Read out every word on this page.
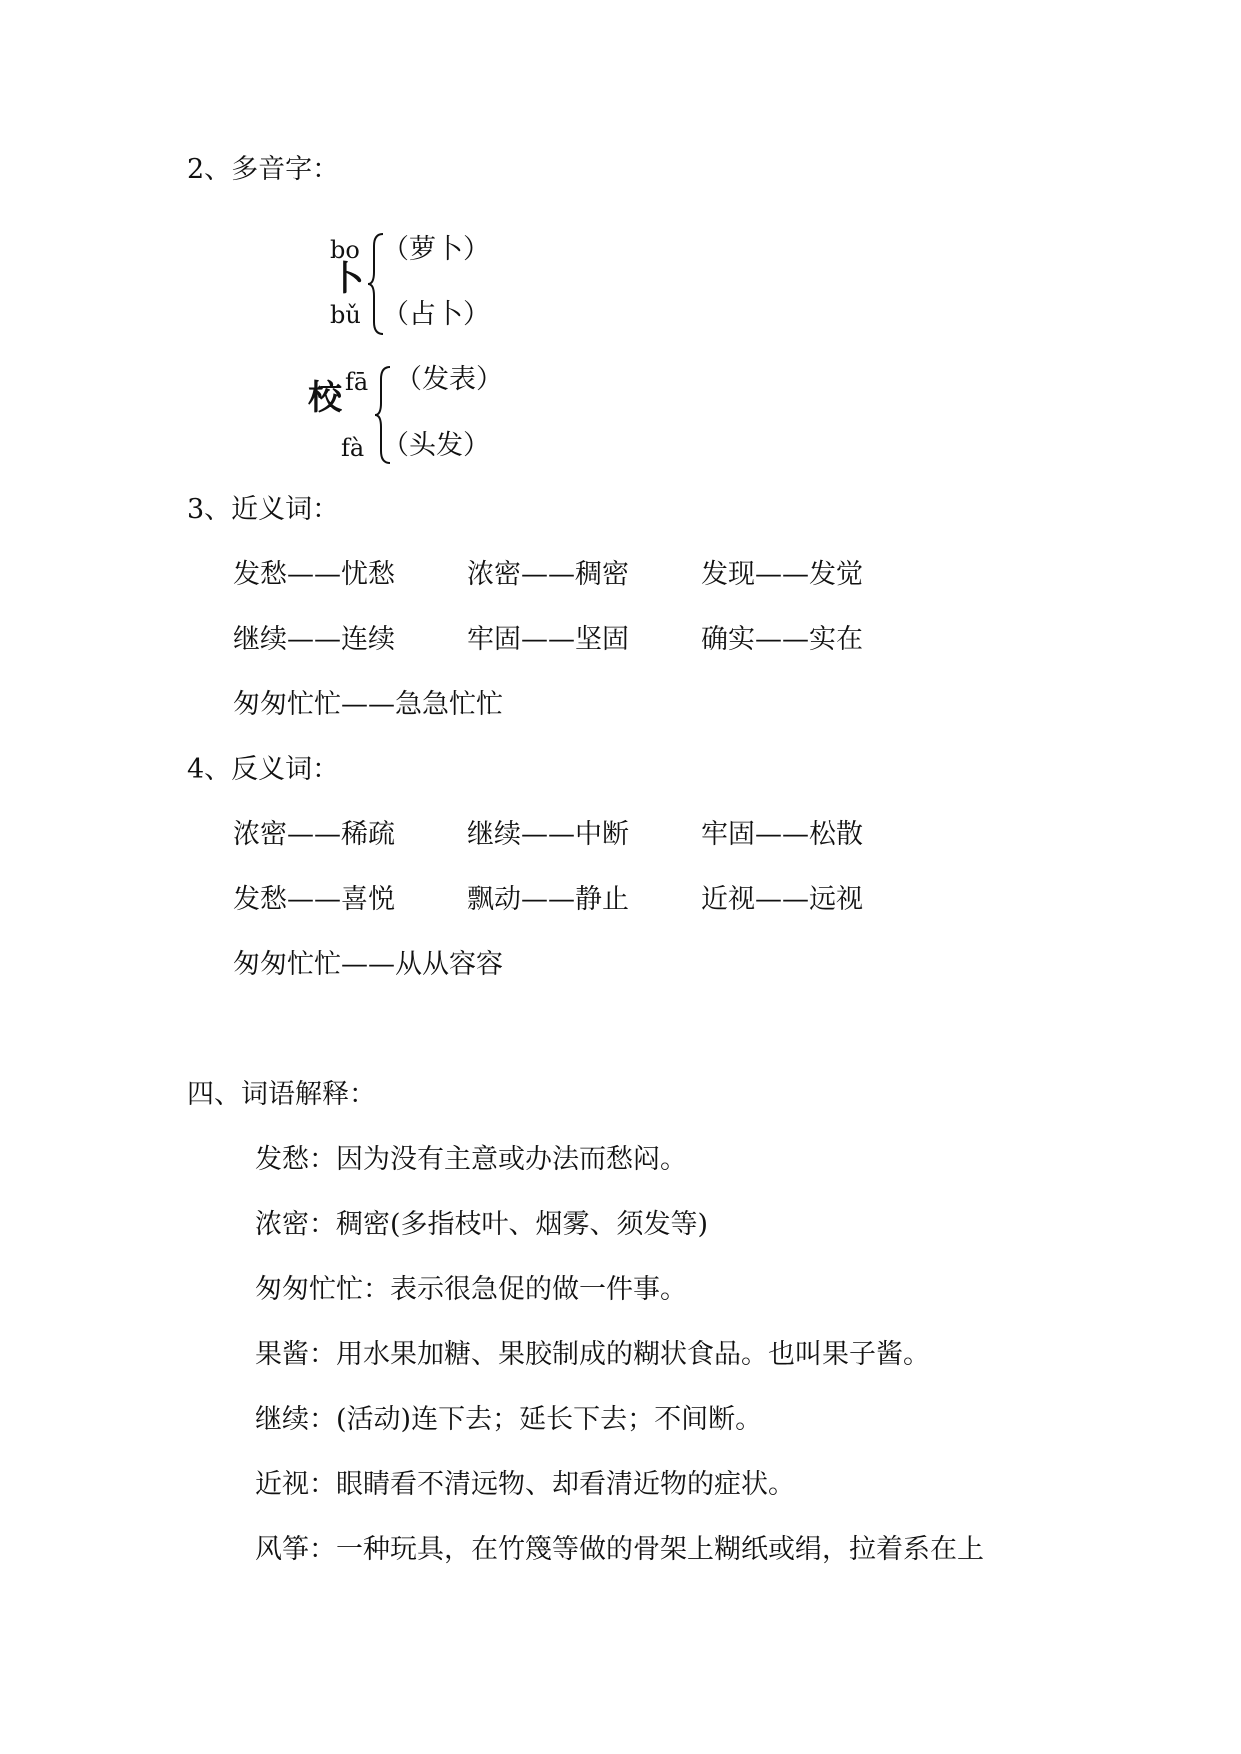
2、多音字：
bo
卜
bǔ
（萝卜）
（占卜）
校 fā
fà
（发表）
（头发）
3、近义词：
发愁——忧愁	浓密——稠密	发现——发觉
继续——连续	牢固——坚固	确实——实在
匆匆忙忙——急急忙忙
4、反义词：
浓密——稀疏	继续——中断	牢固——松散
发愁——喜悦	飘动——静止	近视——远视
匆匆忙忙——从从容容
四、词语解释：
发愁：因为没有主意或办法而愁闷。
浓密：稠密(多指枝叶、烟雾、须发等)
匆匆忙忙：表示很急促的做一件事。
果酱：用水果加糖、果胶制成的糊状食品。也叫果子酱。
继续：(活动)连下去；延长下去；不间断。
近视：眼睛看不清远物、却看清近物的症状。
风筝：一种玩具，在竹篾等做的骨架上糊纸或绢，拉着系在上
